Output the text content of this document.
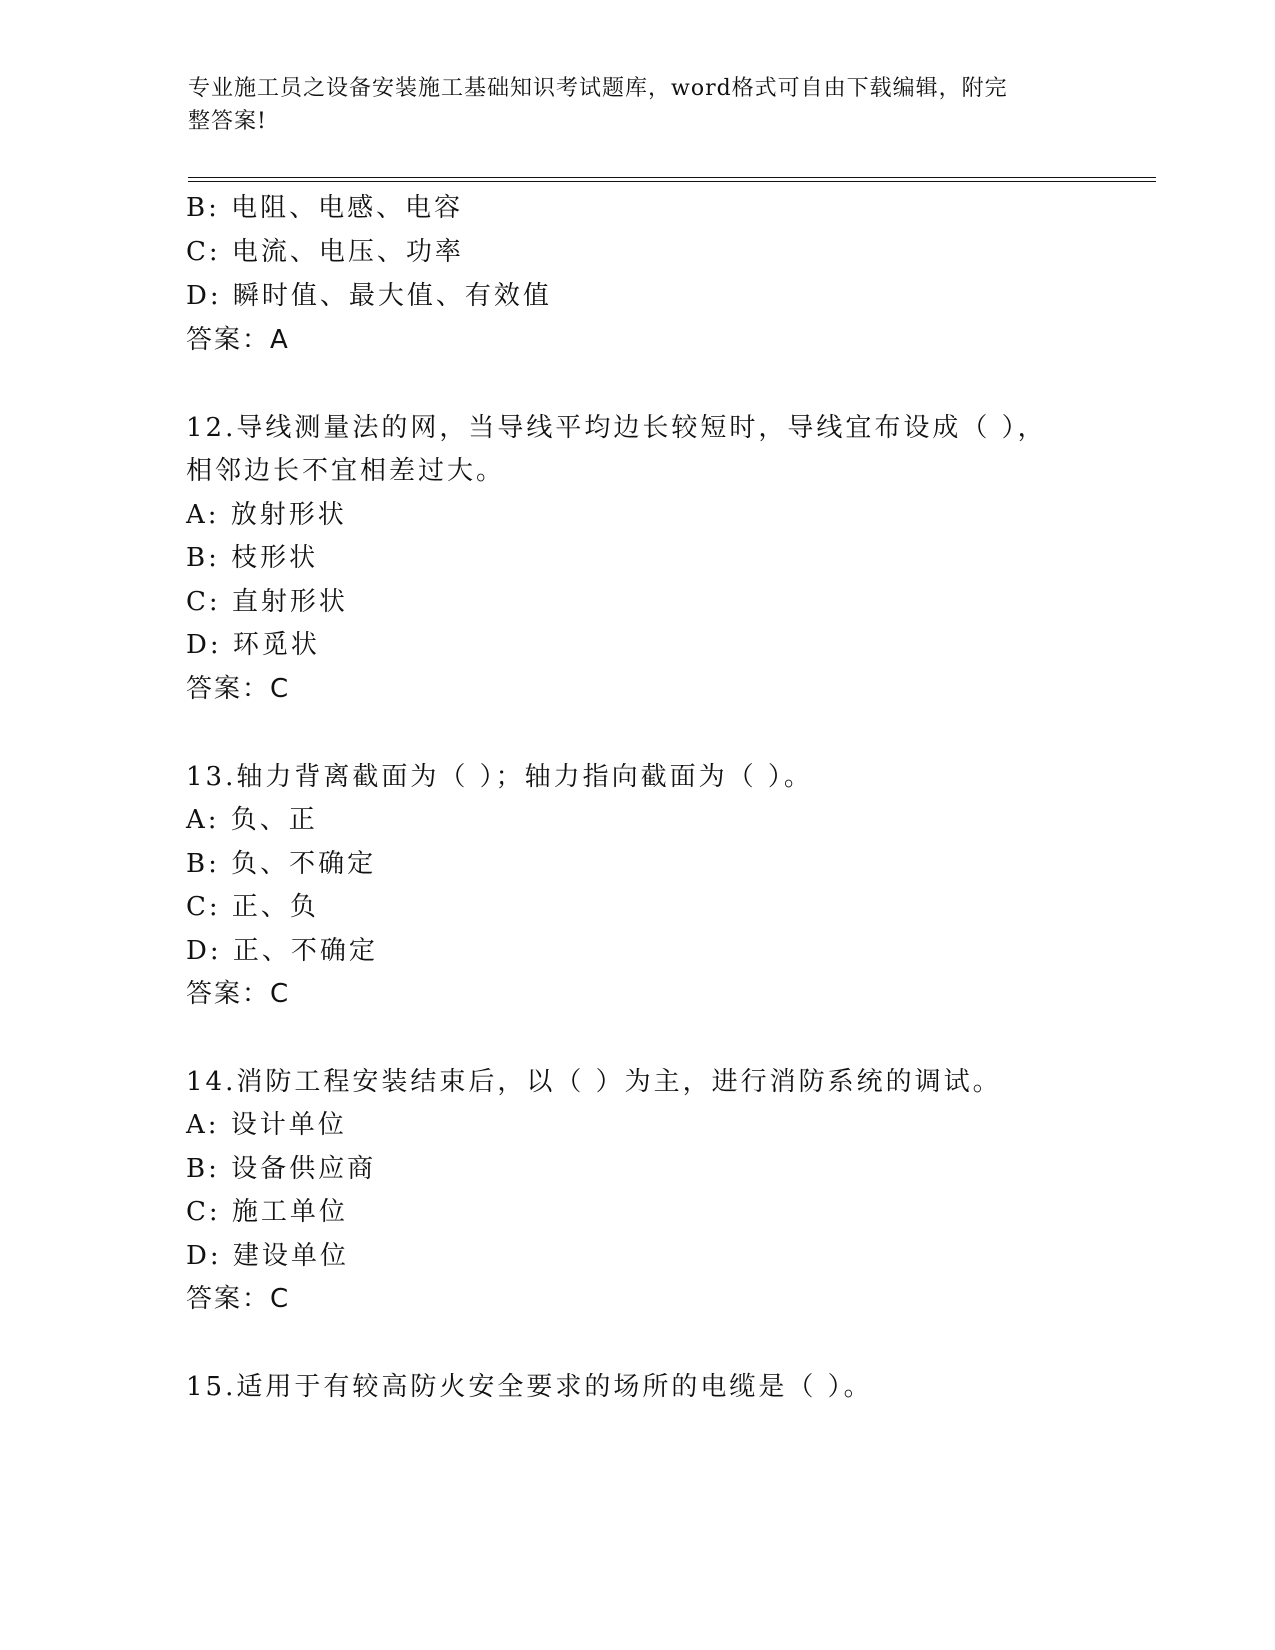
专业施工员之设备安装施工基础知识考试题库，word格式可自由下载编辑，附完
整答案!
B: 电阻、电感、电容
C: 电流、电压、功率
D: 瞬时值、最大值、有效值
答案：A
12.导线测量法的网，当导线平均边长较短时，导线宜布设成（ ），
相邻边长不宜相差过大。
A: 放射形状
B: 枝形状
C: 直射形状
D: 环觅状
答案：C
13.轴力背离截面为（ ）；轴力指向截面为（ ）。
A: 负、正
B: 负、不确定
C: 正、负
D: 正、不确定
答案：C
14.消防工程安装结束后，以（ ）为主，进行消防系统的调试。
A: 设计单位
B: 设备供应商
C: 施工单位
D: 建设单位
答案：C
15.适用于有较高防火安全要求的场所的电缆是（ ）。
